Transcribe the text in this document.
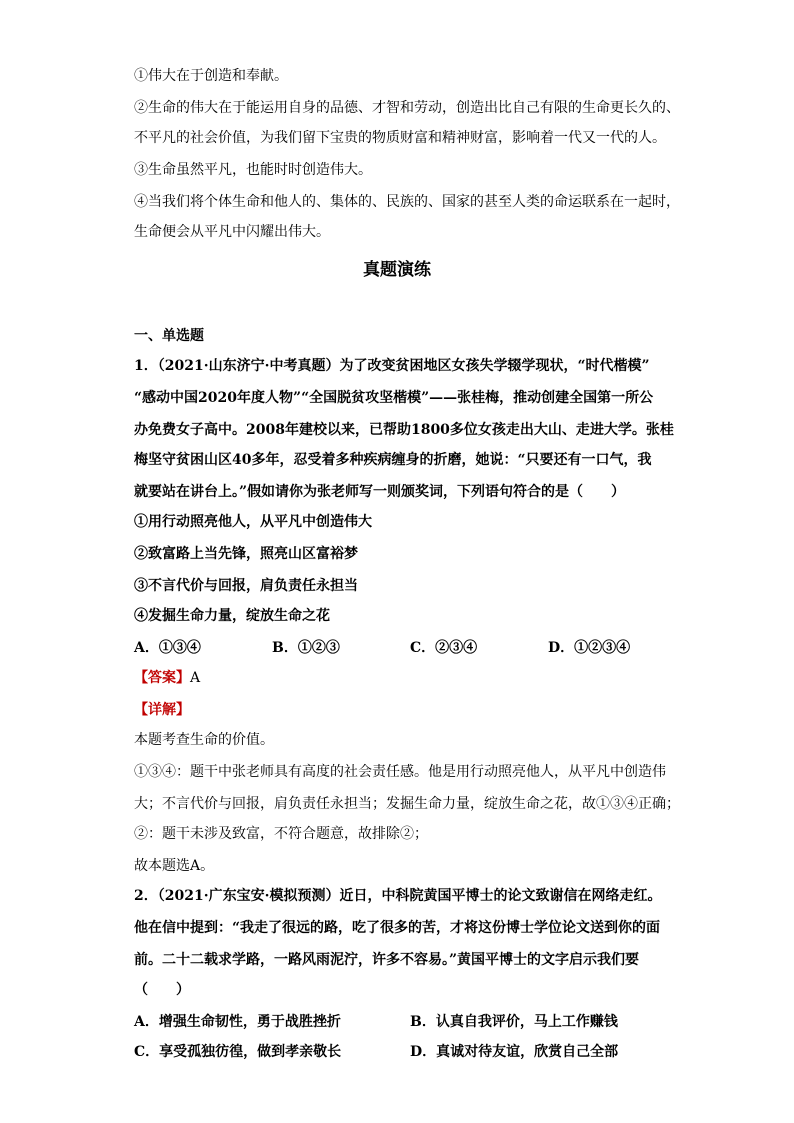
①伟大在于创造和奉献。
②生命的伟大在于能运用自身的品德、才智和劳动，创造出比自己有限的生命更长久的、
不平凡的社会价值，为我们留下宝贵的物质财富和精神财富，影响着一代又一代的人。
③生命虽然平凡，也能时时创造伟大。
④当我们将个体生命和他人的、集体的、民族的、国家的甚至人类的命运联系在一起时，
生命便会从平凡中闪耀出伟大。
真题演练
一、单选题
1．（2021·山东济宁·中考真题）为了改变贫困地区女孩失学辍学现状，“时代楷模”
“感动中国2020年度人物”“全国脱贫攻坚楷模”——张桂梅，推动创建全国第一所公
办免费女子高中。2008年建校以来，已帮助1800多位女孩走出大山、走进大学。张桂
梅坚守贫困山区40多年，忍受着多种疾病缠身的折磨，她说：“只要还有一口气，我
就要站在讲台上。”假如请你为张老师写一则颁奖词，下列语句符合的是（　　）
①用行动照亮他人，从平凡中创造伟大
②致富路上当先锋，照亮山区富裕梦
③不言代价与回报，肩负责任永担当
④发掘生命力量，绽放生命之花
A．①③④	B．①②③	C．②③④	D．①②③④
【答案】A
【详解】
本题考查生命的价值。
①③④：题干中张老师具有高度的社会责任感。他是用行动照亮他人，从平凡中创造伟
大；不言代价与回报，肩负责任永担当；发掘生命力量，绽放生命之花，故①③④正确；
②：题干未涉及致富，不符合题意，故排除②；
故本题选A。
2．（2021·广东宝安·模拟预测）近日，中科院黄国平博士的论文致谢信在网络走红。
他在信中提到：“我走了很远的路，吃了很多的苦，才将这份博士学位论文送到你的面
前。二十二载求学路，一路风雨泥泞，许多不容易。”黄国平博士的文字启示我们要
（　　）
A．增强生命韧性，勇于战胜挫折	B．认真自我评价，马上工作赚钱
C．享受孤独彷徨，做到孝亲敬长	D．真诚对待友谊，欣赏自己全部
